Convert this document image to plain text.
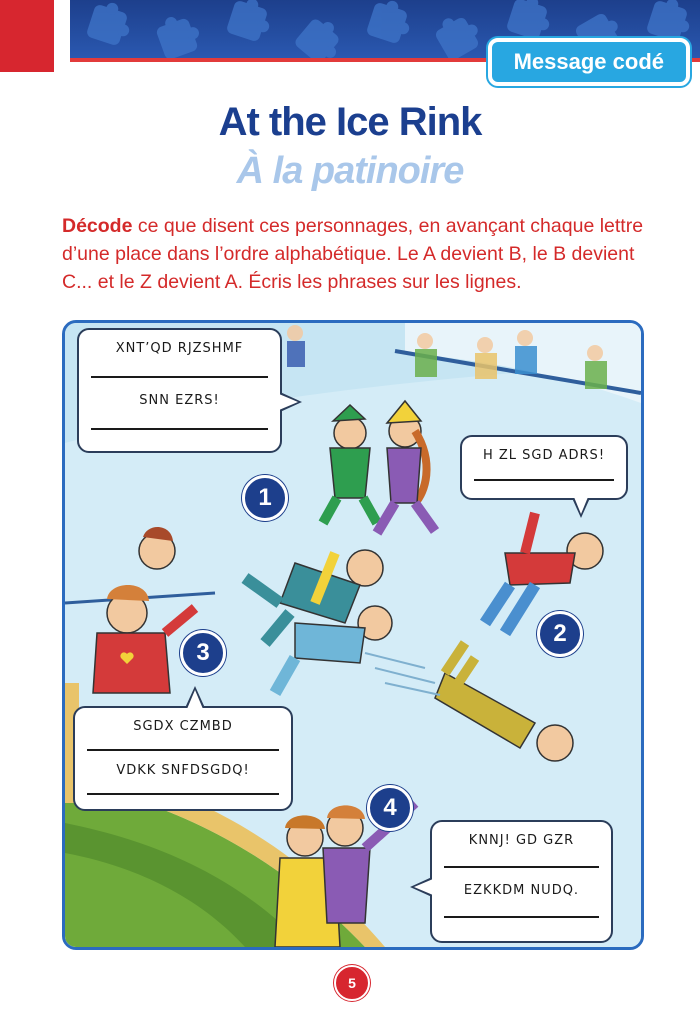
Message codé
At the Ice Rink
À la patinoire
Décode ce que disent ces personnages, en avançant chaque lettre d’une place dans l’ordre alphabétique. Le A devient B, le B devient C... et le Z devient A. Écris les phrases sur les lignes.
1
2
3
4
XNT’QD RJZSHMF
SNN EZRS!
H ZL SGD ADRS!
SGDX CZMBD
VDKK SNFDSGDQ!
KNNJ! GD GZR
EZKKDM NUDQ.
5
